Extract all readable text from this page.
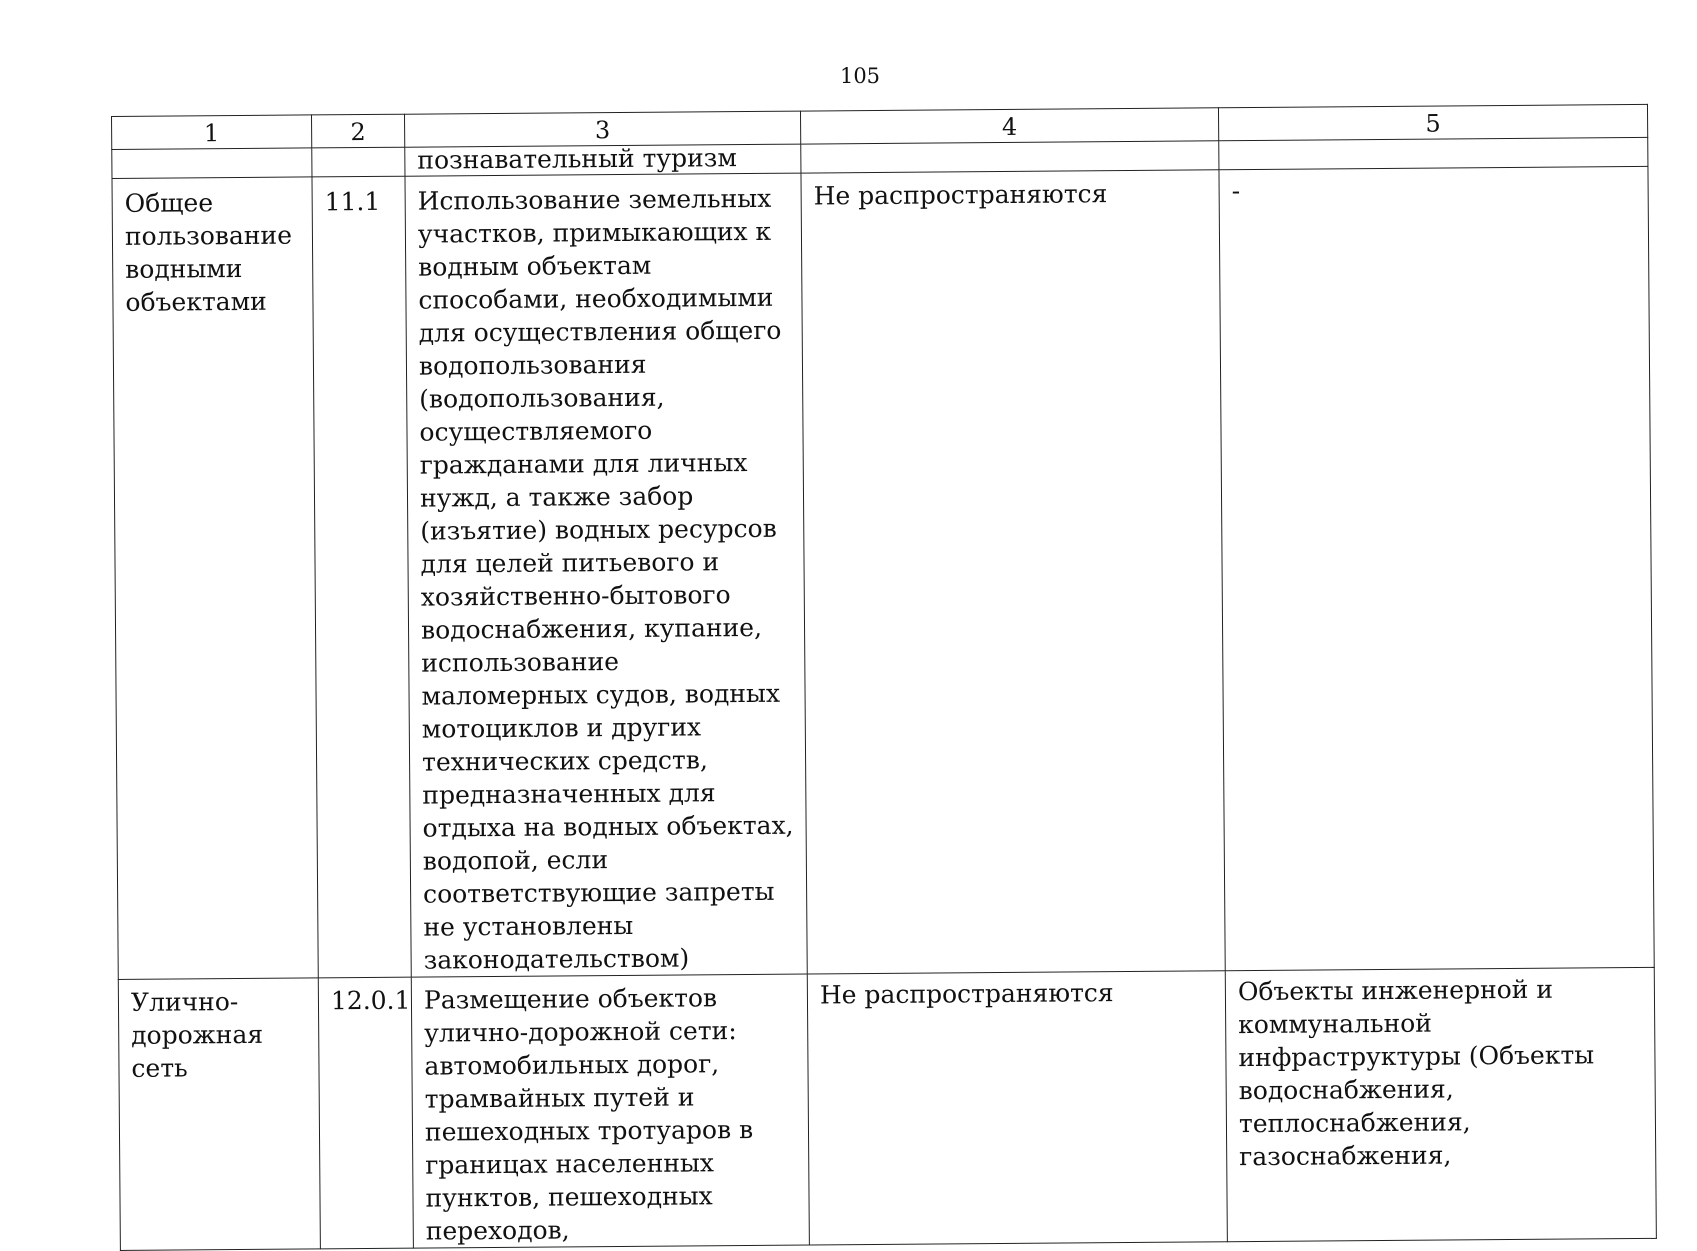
105
1	2	3	4	5
		познавательный туризм		
Общее пользование водными объектами	11.1	Использование земельных участков, примыкающих к водным объектам способами, необходимыми для осуществления общего водопользования (водопользования, осуществляемого гражданами для личных нужд, а также забор (изъятие) водных ресурсов для целей питьевого и хозяйственно-бытового водоснабжения, купание, использование маломерных судов, водных мотоциклов и других технических средств, предназначенных для отдыха на водных объектах, водопой, если соответствующие запреты не установлены законодательством)	Не распространяются	-
Улично-дорожная сеть	12.0.1	Размещение объектов улично-дорожной сети: автомобильных дорог, трамвайных путей и пешеходных тротуаров в границах населенных пунктов, пешеходных переходов,	Не распространяются	Объекты инженерной и коммунальной инфраструктуры (Объекты водоснабжения, теплоснабжения, газоснабжения,
